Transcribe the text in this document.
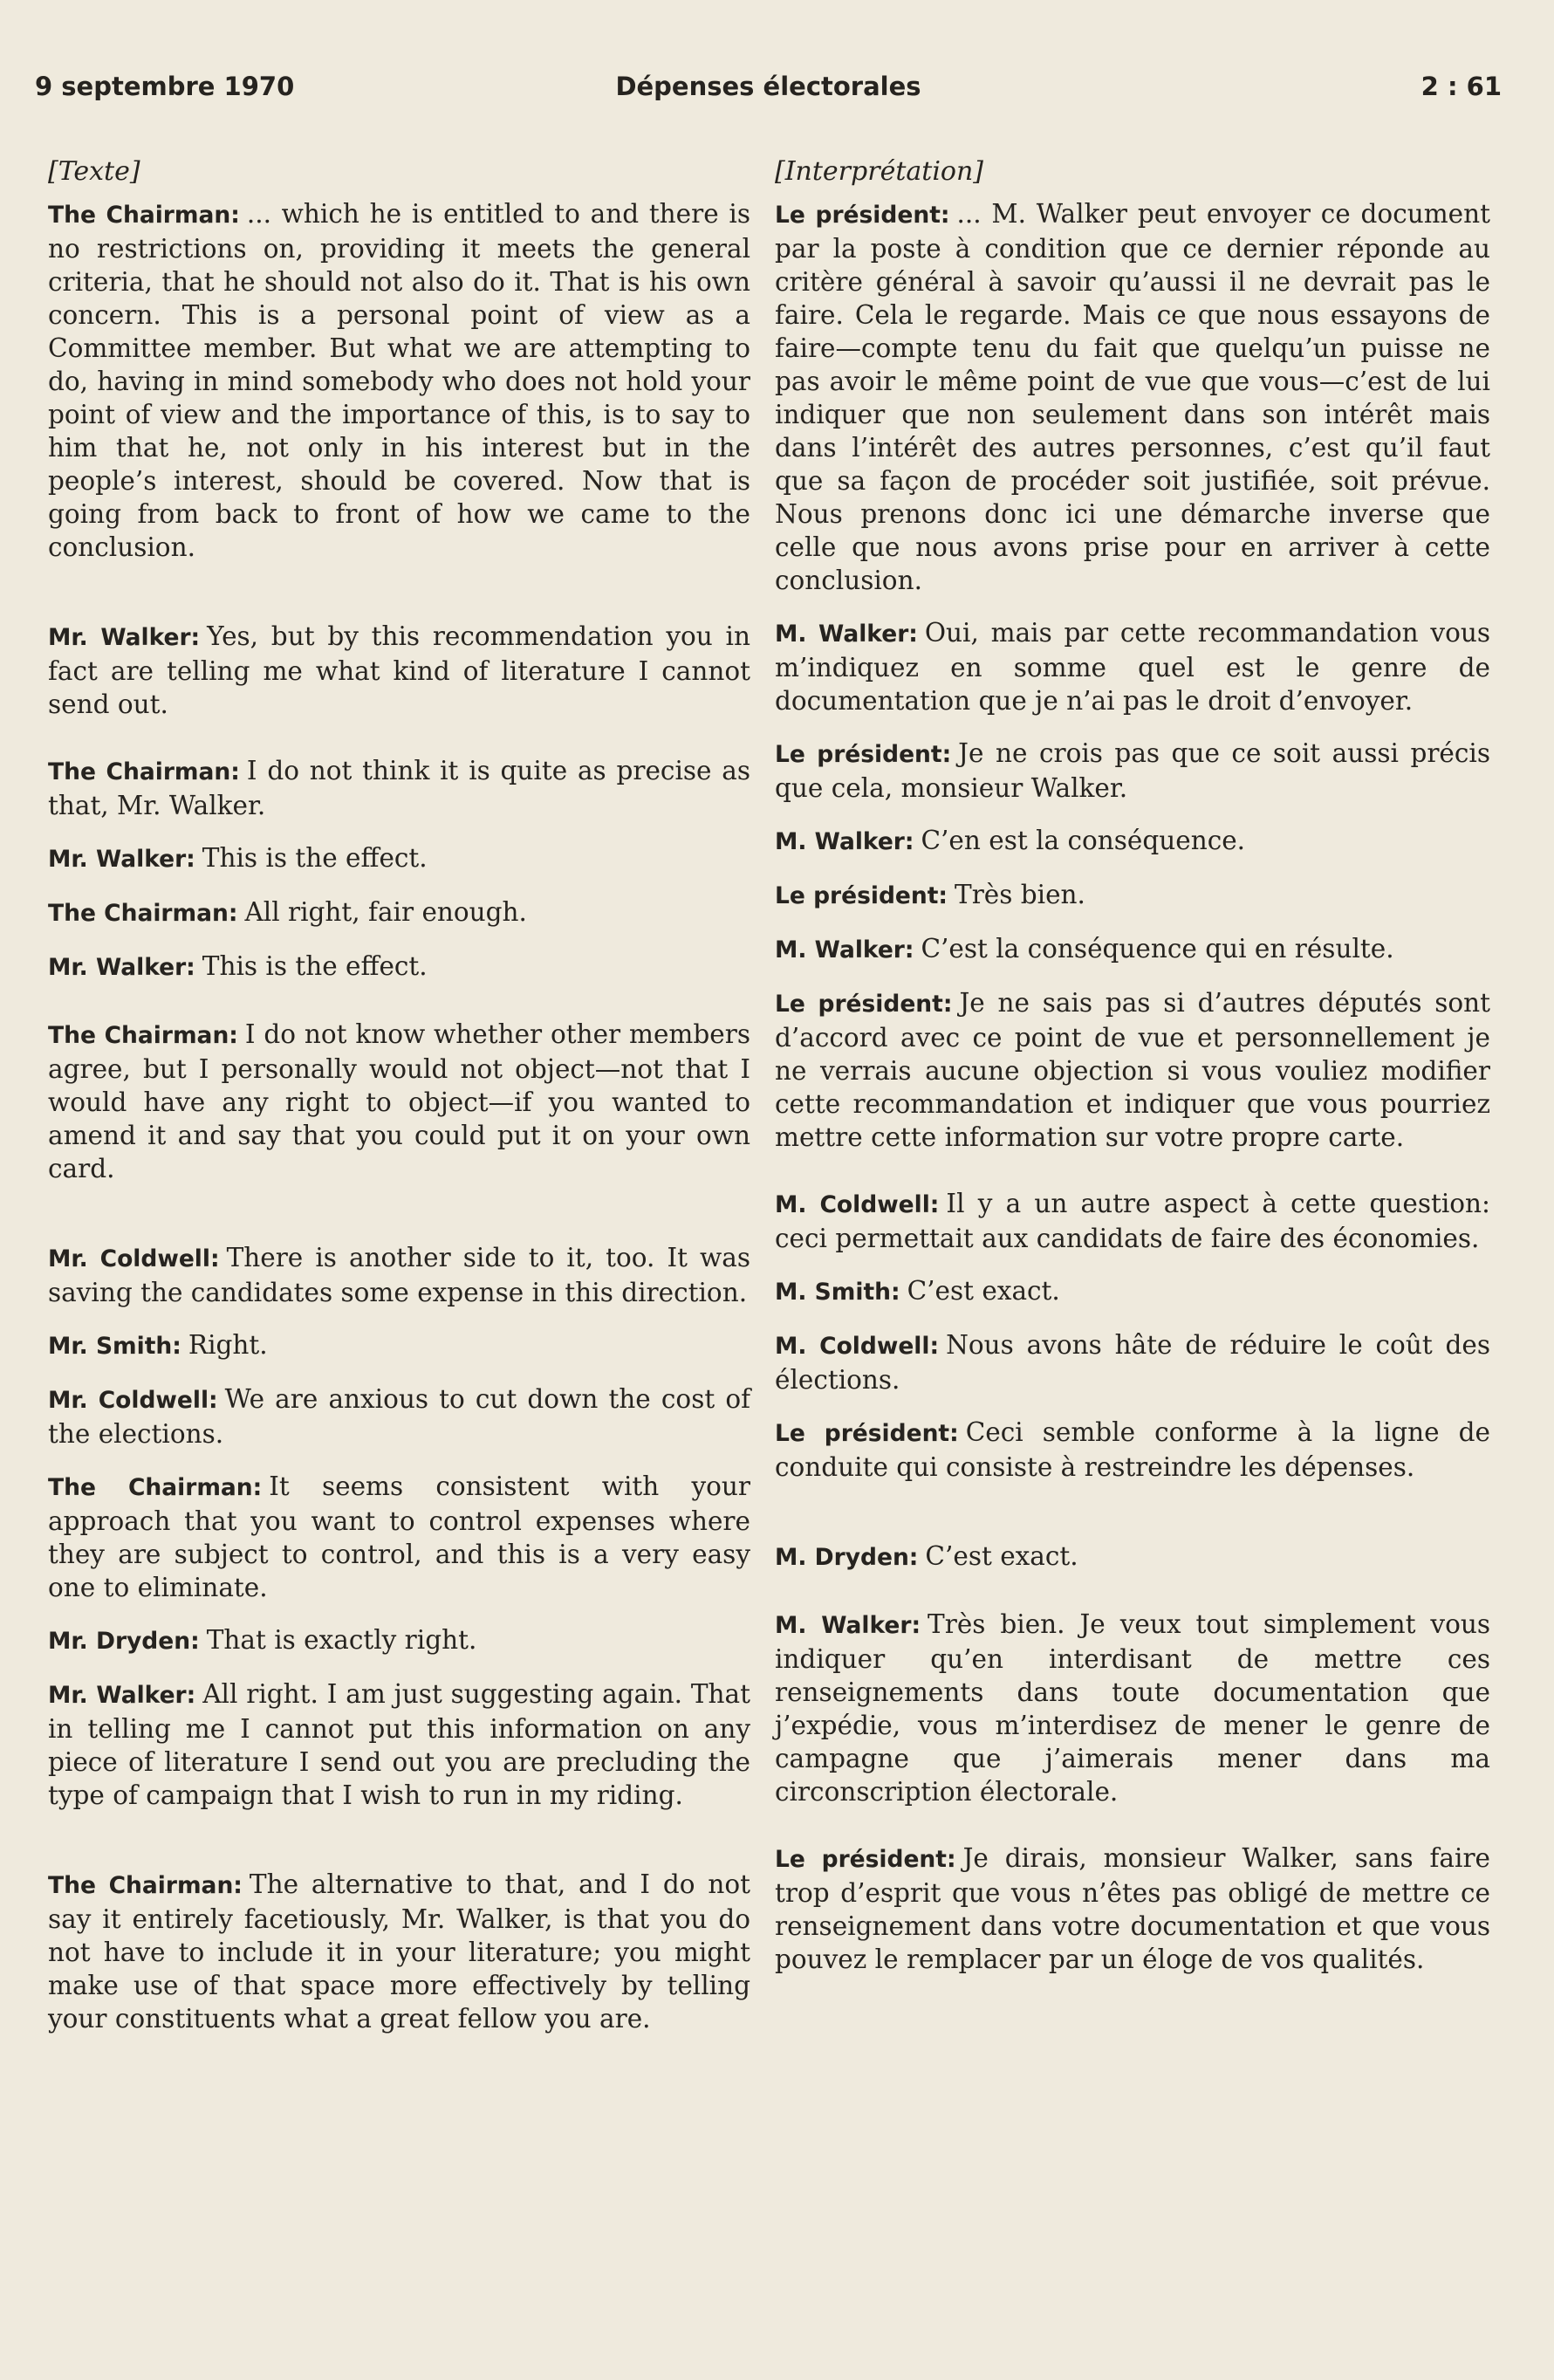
9 septembre 1970	Dépenses électorales	2 : 61
[Texte]

The Chairman: ... which he is entitled to and there is no restrictions on, providing it meets the general criteria, that he should not also do it. That is his own concern. This is a personal point of view as a Committee member. But what we are attempting to do, having in mind somebody who does not hold your point of view and the importance of this, is to say to him that he, not only in his interest but in the people’s interest, should be covered. Now that is going from back to front of how we came to the conclusion.

Mr. Walker: Yes, but by this recommendation you in fact are telling me what kind of literature I cannot send out.

The Chairman: I do not think it is quite as precise as that, Mr. Walker.

Mr. Walker: This is the effect.

The Chairman: All right, fair enough.

Mr. Walker: This is the effect.

The Chairman: I do not know whether other members agree, but I personally would not object—not that I would have any right to object—if you wanted to amend it and say that you could put it on your own card.

Mr. Coldwell: There is another side to it, too. It was saving the candidates some expense in this direction.

Mr. Smith: Right.

Mr. Coldwell: We are anxious to cut down the cost of the elections.

The Chairman: It seems consistent with your approach that you want to control expenses where they are subject to control, and this is a very easy one to eliminate.

Mr. Dryden: That is exactly right.

Mr. Walker: All right. I am just suggesting again. That in telling me I cannot put this information on any piece of literature I send out you are precluding the type of campaign that I wish to run in my riding.

The Chairman: The alternative to that, and I do not say it entirely facetiously, Mr. Walker, is that you do not have to include it in your literature; you might make use of that space more effectively by telling your constituents what a great fellow you are.

[Interprétation]

Le président: ... M. Walker peut envoyer ce document par la poste à condition que ce dernier réponde au critère général à savoir qu’aussi il ne devrait pas le faire. Cela le regarde. Mais ce que nous essayons de faire—compte tenu du fait que quelqu’un puisse ne pas avoir le même point de vue que vous—c’est de lui indiquer que non seulement dans son intérêt mais dans l’intérêt des autres personnes, c’est qu’il faut que sa façon de procéder soit justifiée, soit prévue. Nous prenons donc ici une démarche inverse que celle que nous avons prise pour en arriver à cette conclusion.

M. Walker: Oui, mais par cette recommandation vous m’indiquez en somme quel est le genre de documentation que je n’ai pas le droit d’envoyer.

Le président: Je ne crois pas que ce soit aussi précis que cela, monsieur Walker.

M. Walker: C’en est la conséquence.

Le président: Très bien.

M. Walker: C’est la conséquence qui en résulte.

Le président: Je ne sais pas si d’autres députés sont d’accord avec ce point de vue et personnellement je ne verrais aucune objection si vous vouliez modifier cette recommandation et indiquer que vous pourriez mettre cette information sur votre propre carte.

M. Coldwell: Il y a un autre aspect à cette question: ceci permettait aux candidats de faire des économies.

M. Smith: C’est exact.

M. Coldwell: Nous avons hâte de réduire le coût des élections.

Le président: Ceci semble conforme à la ligne de conduite qui consiste à restreindre les dépenses.

M. Dryden: C’est exact.

M. Walker: Très bien. Je veux tout simplement vous indiquer qu’en interdisant de mettre ces renseignements dans toute documentation que j’expédie, vous m’interdisez de mener le genre de campagne que j’aimerais mener dans ma circonscription électorale.

Le président: Je dirais, monsieur Walker, sans faire trop d’esprit que vous n’êtes pas obligé de mettre ce renseignement dans votre documentation et que vous pouvez le remplacer par un éloge de vos qualités.
